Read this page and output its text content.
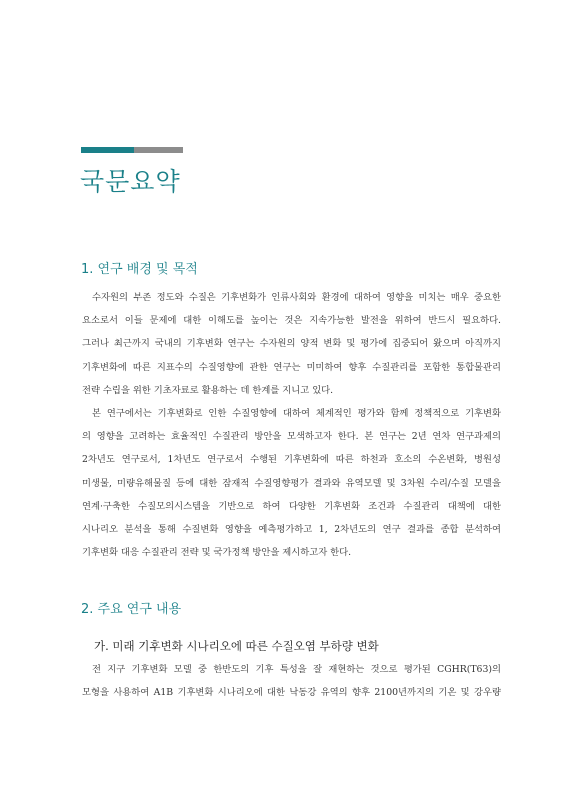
국문요약
1. 연구 배경 및 목적
수자원의 부존 정도와 수질은 기후변화가 인류사회와 환경에 대하여 영향을 미치는 매우 중요한
요소로서 이들 문제에 대한 이해도를 높이는 것은 지속가능한 발전을 위하여 반드시 필요하다.
그러나 최근까지 국내의 기후변화 연구는 수자원의 양적 변화 및 평가에 집중되어 왔으며 아직까지
기후변화에 따른 지표수의 수질영향에 관한 연구는 미미하여 향후 수질관리를 포함한 통합물관리
전략 수립을 위한 기초자료로 활용하는 데 한계를 지니고 있다.
본 연구에서는 기후변화로 인한 수질영향에 대하여 체계적인 평가와 함께 정책적으로 기후변화
의 영향을 고려하는 효율적인 수질관리 방안을 모색하고자 한다. 본 연구는 2년 연차 연구과제의
2차년도 연구로서, 1차년도 연구로서 수행된 기후변화에 따른 하천과 호소의 수온변화, 병원성
미생물, 미량유해물질 등에 대한 잠재적 수질영향평가 결과와 유역모델 및 3차원 수리/수질 모델을
연계·구축한 수질모의시스템을 기반으로 하여 다양한 기후변화 조건과 수질관리 대책에 대한
시나리오 분석을 통해 수질변화 영향을 예측평가하고 1, 2차년도의 연구 결과를 종합 분석하여
기후변화 대응 수질관리 전략 및 국가정책 방안을 제시하고자 한다.
2. 주요 연구 내용
가. 미래 기후변화 시나리오에 따른 수질오염 부하량 변화
전 지구 기후변화 모델 중 한반도의 기후 특성을 잘 재현하는 것으로 평가된 CGHR(T63)의
모형을 사용하여 A1B 기후변화 시나리오에 대한 낙동강 유역의 향후 2100년까지의 기온 및 강우량
